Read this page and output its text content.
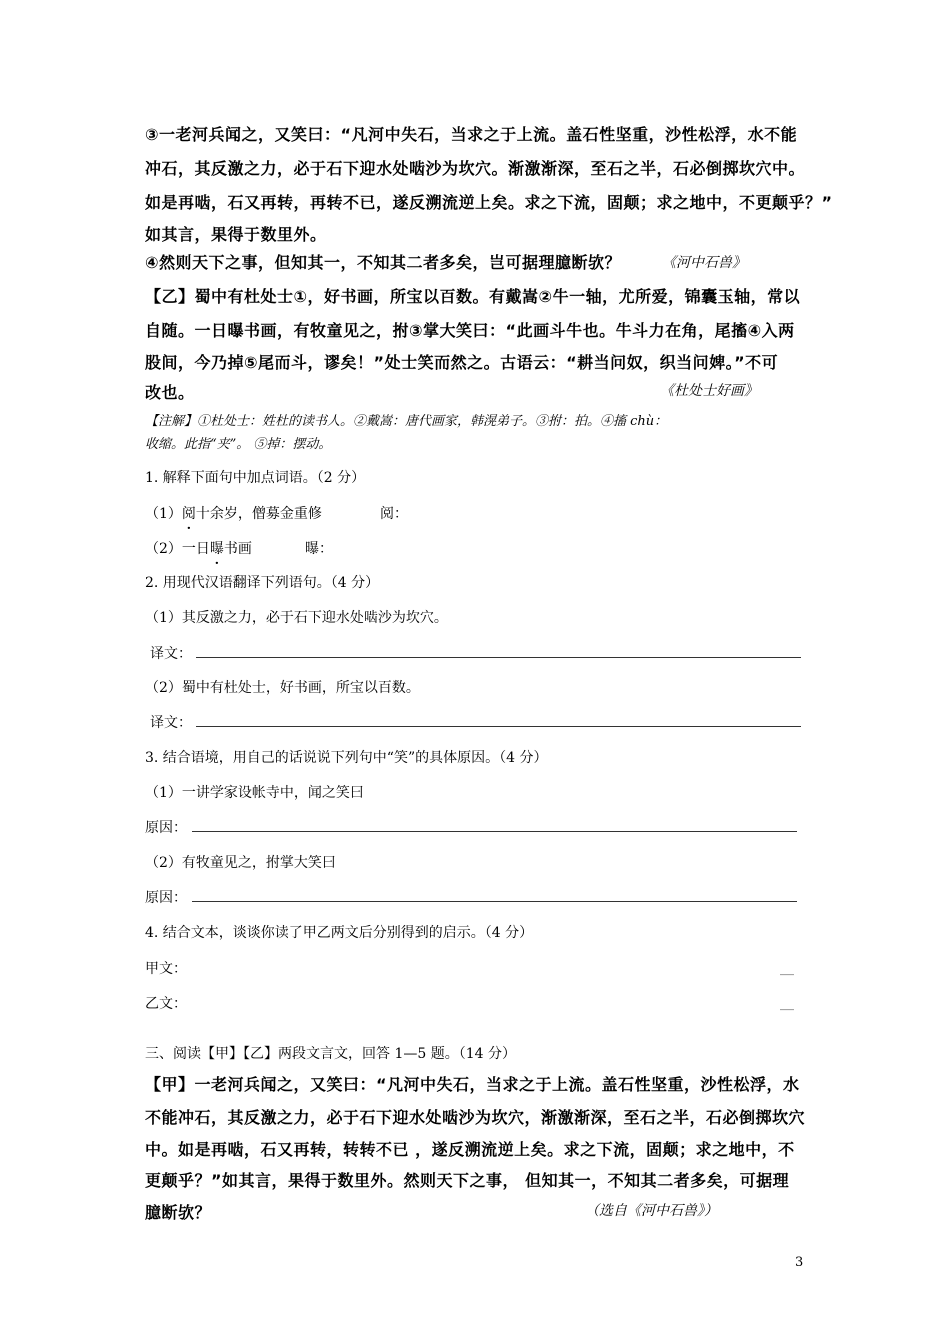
③一老河兵闻之，又笑曰：“凡河中失石，当求之于上流。盖石性坚重，沙性松浮，水不能
冲石，其反激之力，必于石下迎水处啮沙为坎穴。渐激渐深，至石之半，石必倒掷坎穴中。
如是再啮，石又再转，再转不已，遂反溯流逆上矣。求之下流，固颠；求之地中，不更颠乎？”
如其言，果得于数里外。
④然则天下之事，但知其一，不知其二者多矣，岂可据理臆断欤？	《河中石兽》
【乙】蜀中有杜处士①，好书画，所宝以百数。有戴嵩②牛一轴，尤所爱，锦囊玉轴，常以
自随。一日曝书画，有牧童见之，拊③掌大笑曰：“此画斗牛也。牛斗力在角，尾搐④入两
股间，今乃掉⑤尾而斗，谬矣！”处士笑而然之。古语云：“耕当问奴，织当问婢。”不可
改也。	《杜处士好画》
【注解】①杜处士：姓杜的读书人。②戴嵩：唐代画家，韩滉弟子。③拊：拍。④搐 chù：
收缩。此指“夹”。 ⑤掉：摆动。
1. 解释下面句中加点词语。（2 分）
（1）阅十余岁，僧募金重修	阅：
（2）一日曝书画	曝：
2. 用现代汉语翻译下列语句。（4 分）
（1）其反激之力，必于石下迎水处啮沙为坎穴。
译文：
（2）蜀中有杜处士，好书画，所宝以百数。
译文：
3. 结合语境，用自己的话说说下列句中“笑”的具体原因。（4 分）
（1）一讲学家设帐寺中，闻之笑曰
原因：
（2）有牧童见之，拊掌大笑曰
原因：
4. 结合文本，谈谈你读了甲乙两文后分别得到的启示。（4 分）
甲文：	__
乙文：	__
三、阅读【甲】【乙】两段文言文，回答 1—5 题。（14 分）
【甲】一老河兵闻之，又笑曰：“凡河中失石，当求之于上流。盖石性坚重，沙性松浮，水
不能冲石，其反激之力，必于石下迎水处啮沙为坎穴，渐激渐深，至石之半，石必倒掷坎穴
中。如是再啮，石又再转，转转不已 ，遂反溯流逆上矣。求之下流，固颠；求之地中，不
更颠乎？”如其言，果得于数里外。然则天下之事， 但知其一，不知其二者多矣，可据理
臆断欤？	（选自《河中石兽》）
3
